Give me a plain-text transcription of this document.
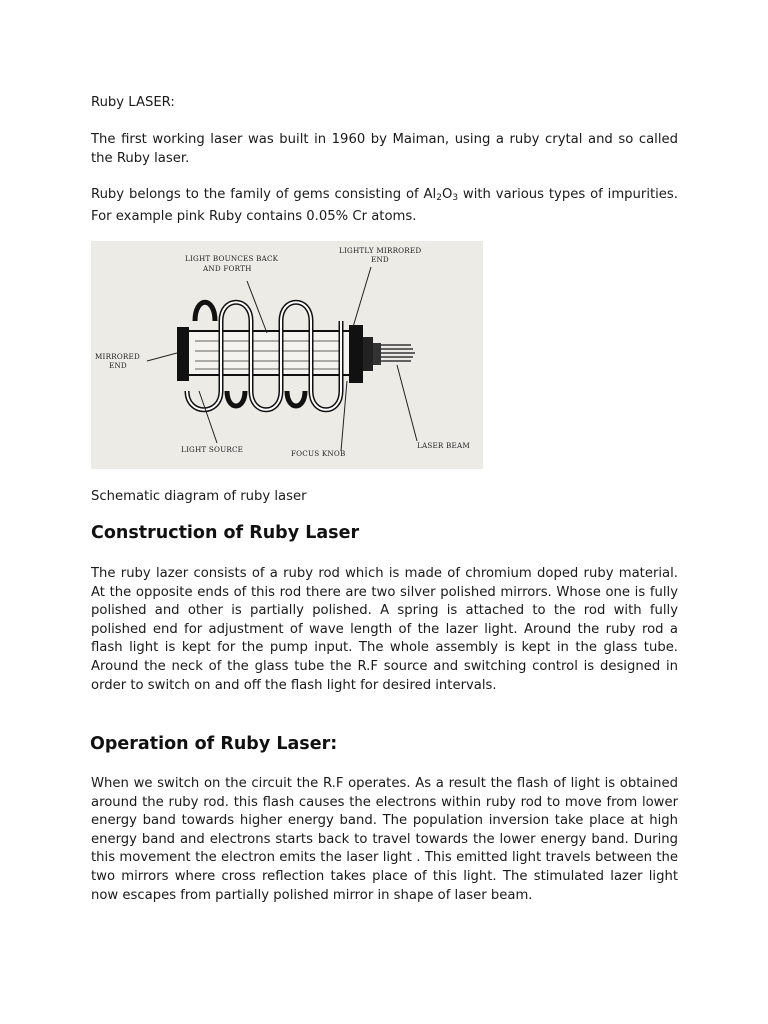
Ruby LASER:

The first working laser was built in 1960 by Maiman, using a ruby crytal and so called the Ruby laser.

Ruby belongs to the family of gems consisting of $Al_2O_3$ with various types of impurities. For example pink Ruby contains 0.05% Cr atoms.

LIGHT BOUNCES BACK
AND FORTH
LIGHTLY MIRRORED
END
MIRRORED
END
LIGHT SOURCE	FOCUS KNOB
LASER BEAM

Schematic diagram of ruby laser

Construction of Ruby Laser

The ruby lazer consists of a ruby rod which is made of chromium doped ruby material. At the opposite ends of this rod there are two silver polished mirrors. Whose one is fully polished and other is partially polished. A spring is attached to the rod with fully polished end for adjustment of wave length of the lazer light. Around the ruby rod a flash light is kept for the pump input. The whole assembly is kept in the glass tube. Around the neck of the glass tube the R.F source and switching control is designed in order to switch on and off the flash light for desired intervals.

Operation of Ruby Laser:

When we switch on the circuit the R.F operates. As a result the flash of light is obtained around the ruby rod. this flash causes the electrons within ruby rod to move from lower energy band towards higher energy band. The population inversion take place at high energy band and electrons starts back to travel towards the lower energy band. During this movement the electron emits the laser light . This emitted light travels between the two mirrors where cross reflection takes place of this light. The stimulated lazer light now escapes from partially polished mirror in shape of laser beam.
